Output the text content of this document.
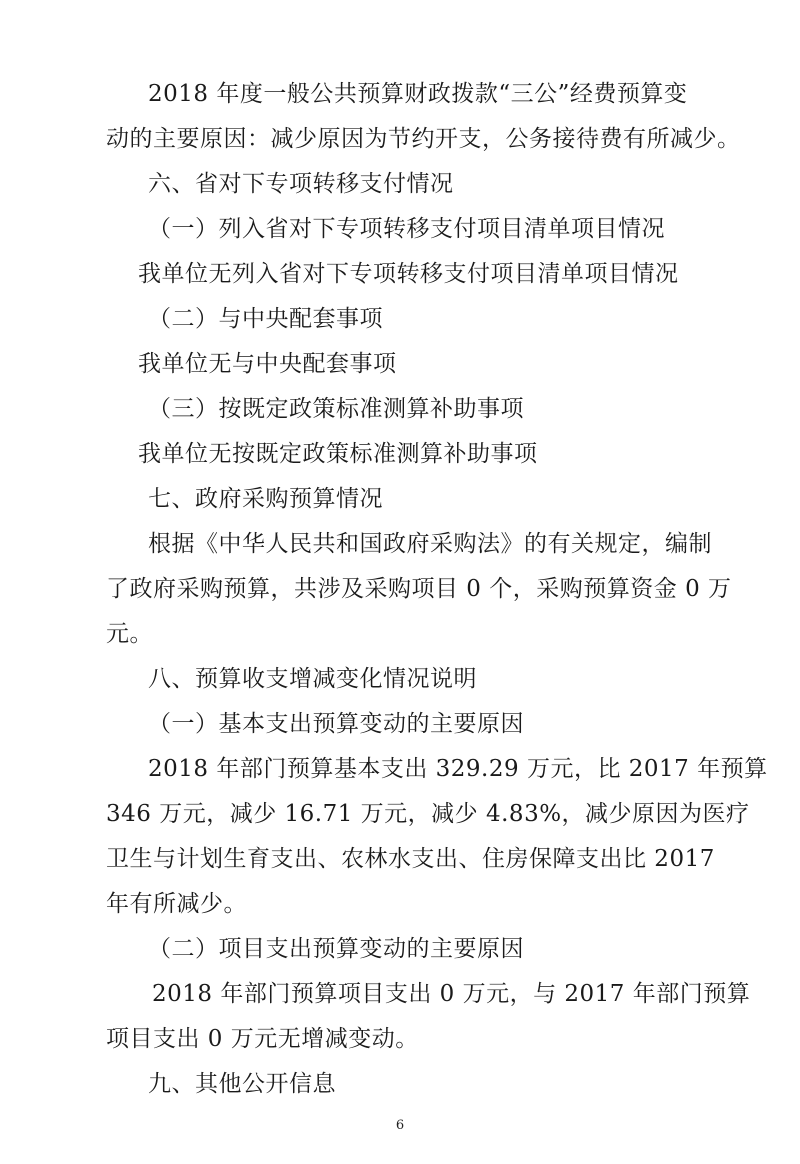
2018 年度一般公共预算财政拨款“三公”经费预算变
动的主要原因：减少原因为节约开支，公务接待费有所减少。
六、省对下专项转移支付情况
（一）列入省对下专项转移支付项目清单项目情况
我单位无列入省对下专项转移支付项目清单项目情况
（二）与中央配套事项
我单位无与中央配套事项
（三）按既定政策标准测算补助事项
我单位无按既定政策标准测算补助事项
七、政府采购预算情况
根据《中华人民共和国政府采购法》的有关规定，编制
了政府采购预算，共涉及采购项目 0 个，采购预算资金 0 万
元。
八、预算收支增减变化情况说明
（一）基本支出预算变动的主要原因
2018 年部门预算基本支出 329.29 万元，比 2017 年预算
346 万元，减少 16.71 万元，减少 4.83%，减少原因为医疗
卫生与计划生育支出、农林水支出、住房保障支出比 2017
年有所减少。
（二）项目支出预算变动的主要原因
2018 年部门预算项目支出 0 万元，与 2017 年部门预算
项目支出 0 万元无增减变动。
九、其他公开信息
6
